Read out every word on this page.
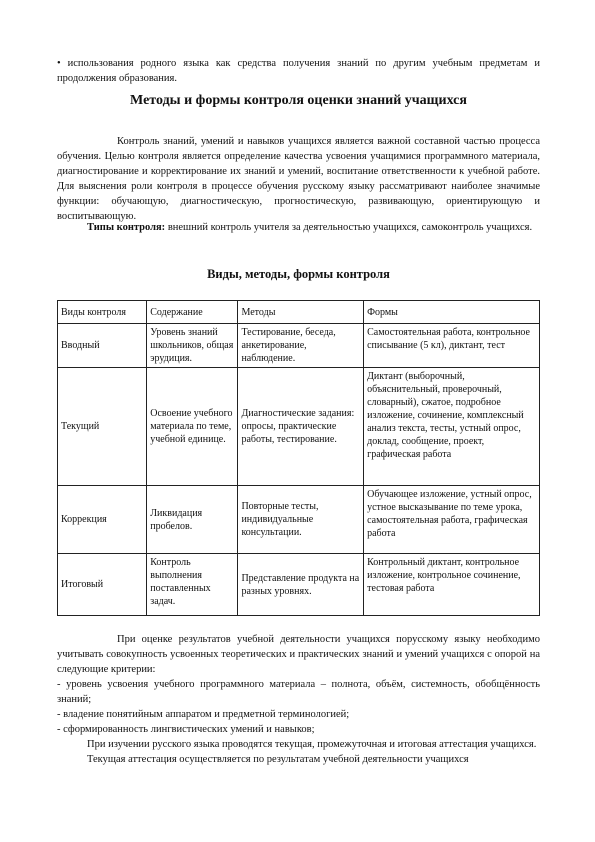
• использования родного языка как средства получения знаний по другим учебным предметам и продолжения образования.

Методы и формы контроля оценки знаний учащихся

Контроль знаний, умений и навыков учащихся является важной составной частью процесса обучения. Целью контроля является определение качества усвоения учащимися программного материала, диагностирование и корректирование их знаний и умений, воспитание ответственности к учебной работе. Для выяснения роли контроля в процессе обучения русскому языку рассматривают наиболее значимые функции: обучающую, диагностическую, прогностическую, развивающую, ориентирующую и воспитывающую.

Типы контроля: внешний контроль учителя за деятельностью учащихся, самоконтроль учащихся.

Виды, методы, формы контроля
Виды контроля	Содержание	Методы	Формы
Вводный	Уровень знаний школьников, общая эрудиция.	Тестирование, беседа, анкетирование, наблюдение.	Самостоятельная работа, контрольное списывание (5 кл), диктант, тест
Текущий	Освоение учебного материала по теме, учебной единице.	Диагностические задания: опросы, практические работы, тестирование.	Диктант (выборочный, объяснительный, проверочный, словарный), сжатое, подробное изложение, сочинение, комплексный анализ текста, тесты, устный опрос, доклад, сообщение, проект, графическая работа
Коррекция	Ликвидация пробелов.	Повторные тесты, индивидуальные консультации.	Обучающее изложение, устный опрос, устное высказывание по теме урока, самостоятельная работа, графическая работа
Итоговый	Контроль выполнения поставленных задач.	Представление продукта на разных уровнях.	Контрольный диктант, контрольное изложение, контрольное сочинение, тестовая работа

При оценке результатов учебной деятельности учащихся порусскому языку необходимо учитывать совокупность усвоенных теоретических и практических знаний и умений учащихся с опорой на следующие критерии:

- уровень усвоения учебного программного материала – полнота, объём, системность, обобщённость знаний;

- владение понятийным аппаратом и предметной терминологией;

- сформированность лингвистических умений и навыков;

При изучении русского языка проводятся текущая, промежуточная и итоговая аттестация учащихся.

Текущая аттестация осуществляется по результатам учебной деятельности учащихся
